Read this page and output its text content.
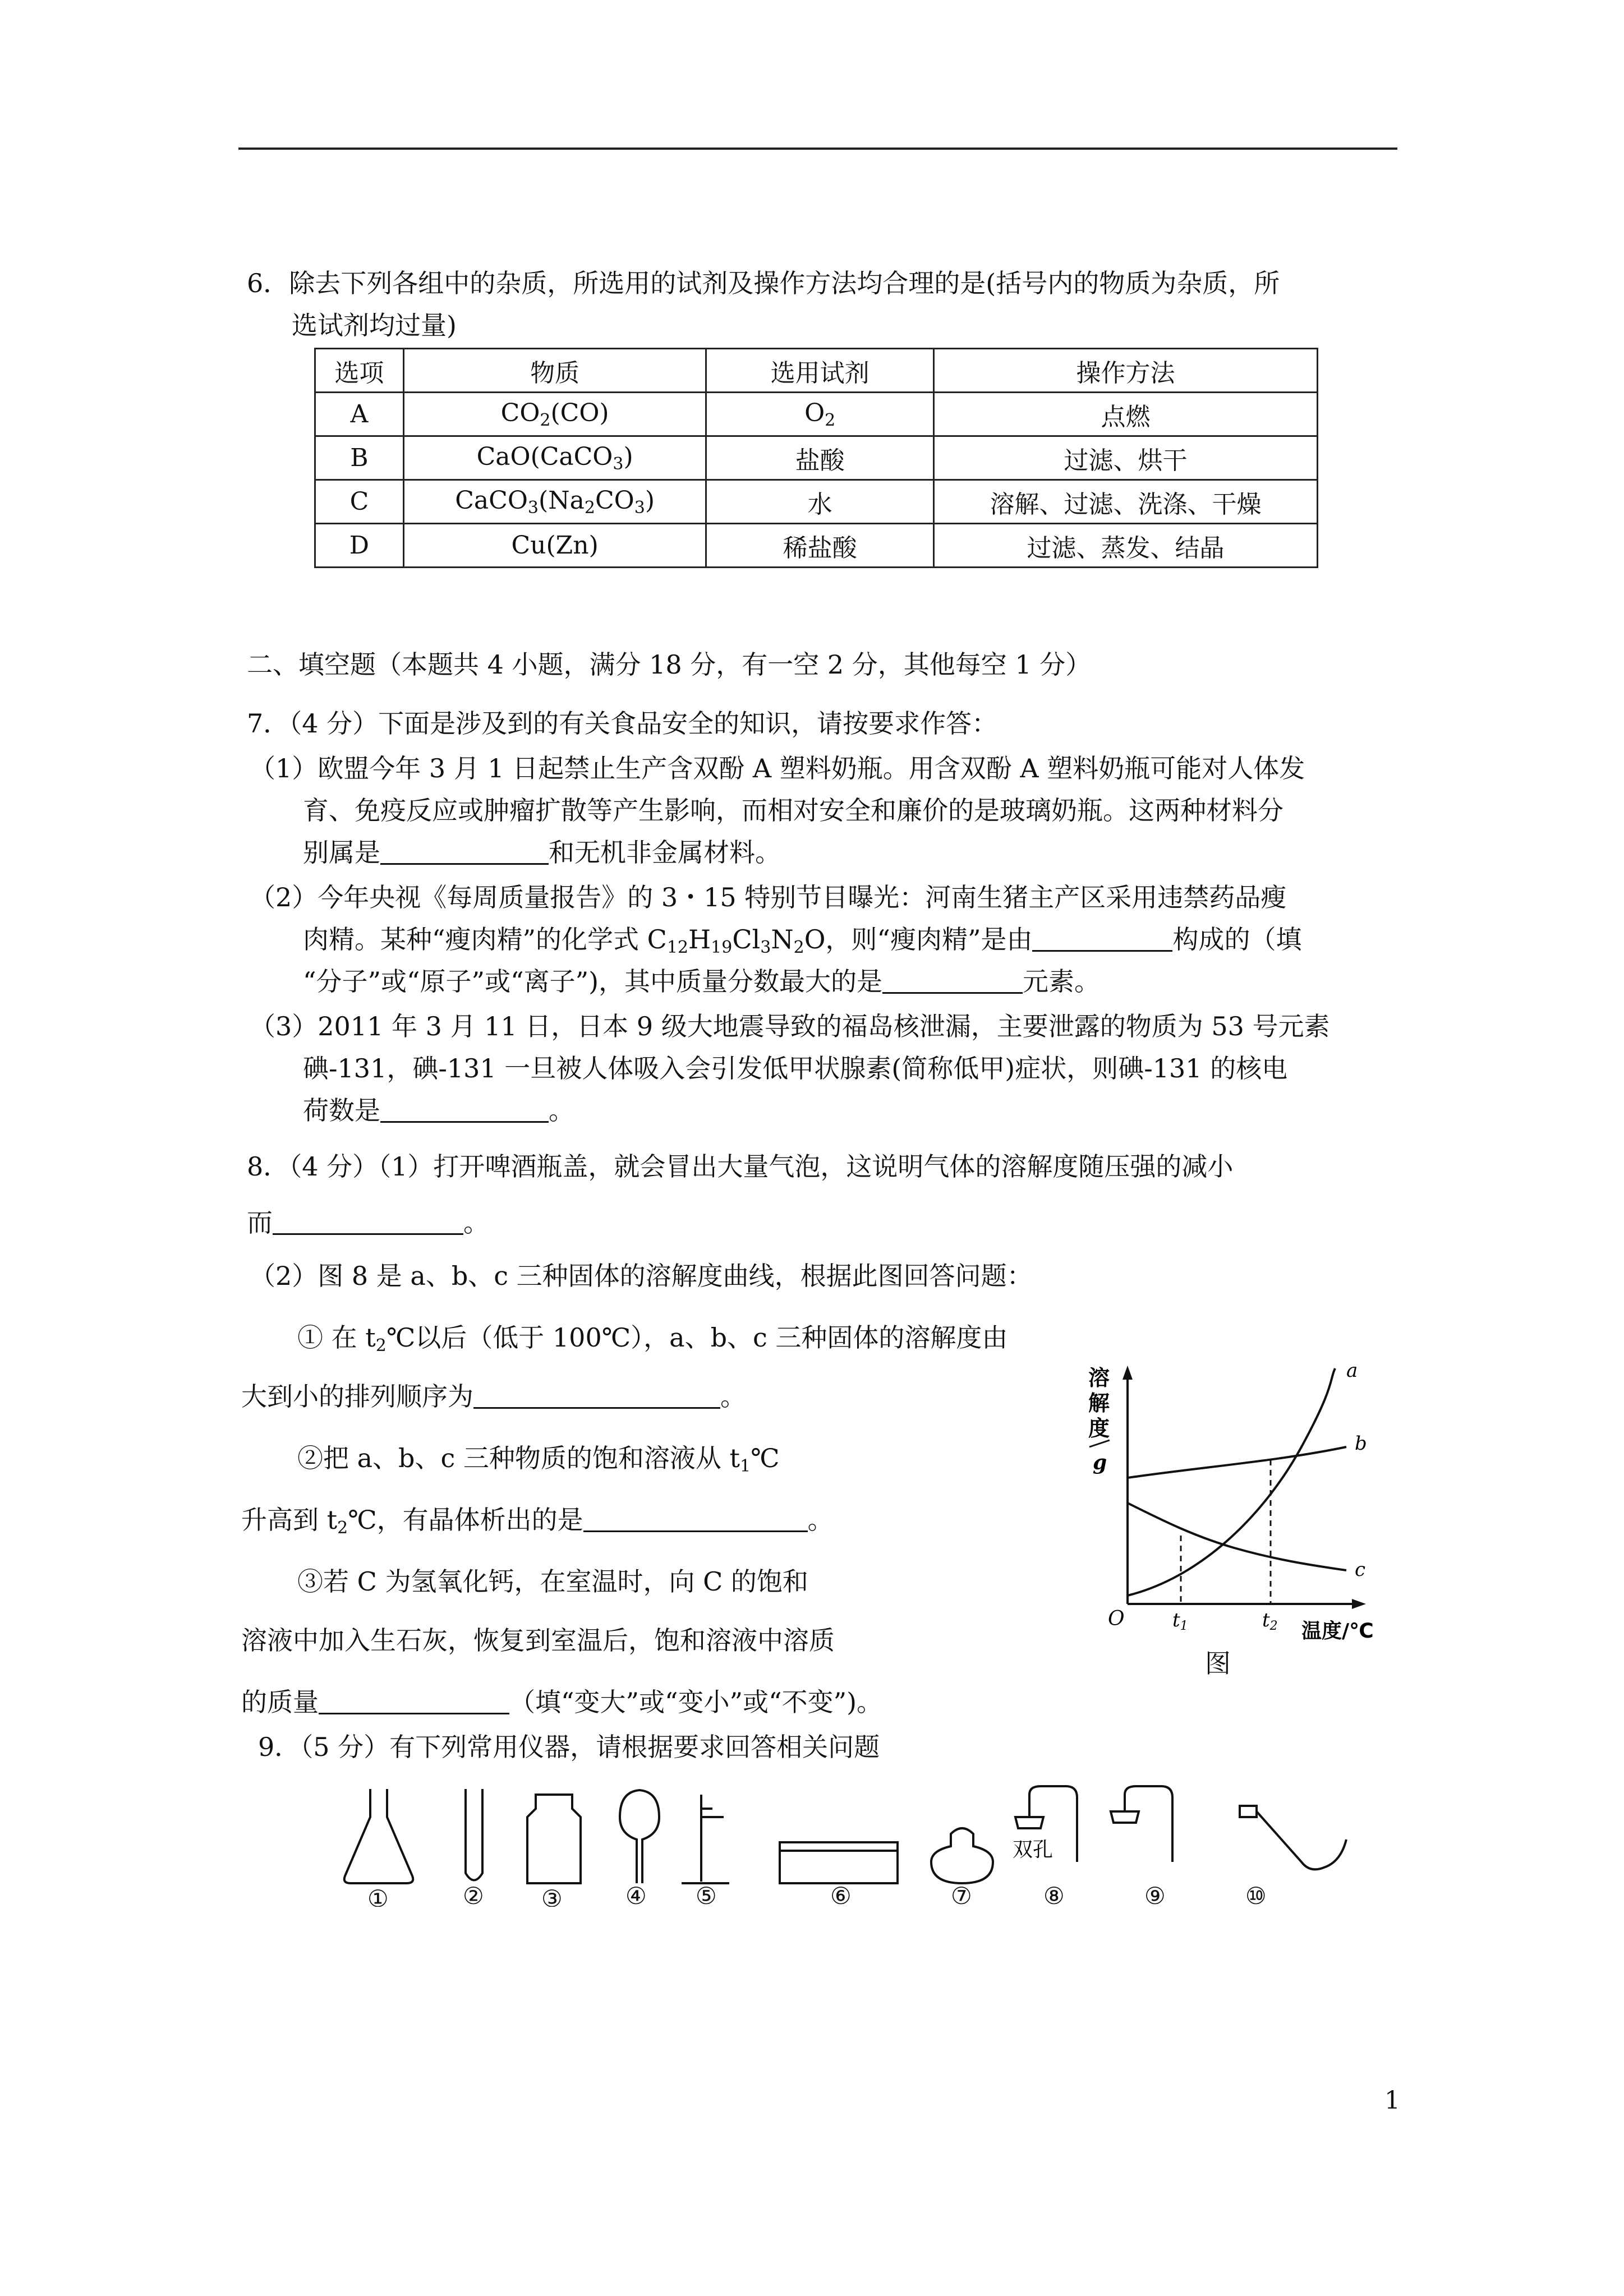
6．除去下列各组中的杂质，所选用的试剂及操作方法均合理的是(括号内的物质为杂质，所
选试剂均过量)
选项	物质	选用试剂	操作方法
A	$CO_2(CO)$	$O_2$	点燃
B	CaO(CaCO$_3$)	盐酸	过滤、烘干
C	$CaCO_3(Na_2CO_3)$	水	溶解、过滤、洗涤、干燥
D	Cu(Zn)	稀盐酸	过滤、蒸发、结晶
二、填空题（本题共 4 小题，满分 18 分，有一空 2 分，其他每空 1 分）
7．（4 分）下面是涉及到的有关食品安全的知识，请按要求作答：
（1）欧盟今年 3 月 1 日起禁止生产含双酚 A 塑料奶瓶。用含双酚 A 塑料奶瓶可能对人体发
育、免疫反应或肿瘤扩散等产生影响，而相对安全和廉价的是玻璃奶瓶。这两种材料分
别属是	和无机非金属材料。
（2）今年央视《每周质量报告》的 3・15 特别节目曝光：河南生猪主产区采用违禁药品瘦
肉精。某种“瘦肉精”的化学式 $C_{12}H_{19}Cl_3N_2O$，则“瘦肉精”是由	构成的（填
“分子”或“原子”或“离子”)，其中质量分数最大的是	元素。
（3）2011 年 3 月 11 日，日本 9 级大地震导致的福岛核泄漏，主要泄露的物质为 53 号元素
碘-131，碘-131 一旦被人体吸入会引发低甲状腺素(简称低甲)症状，则碘-131 的核电
荷数是	。
8．（4 分）（1）打开啤酒瓶盖，就会冒出大量气泡，这说明气体的溶解度随压强的减小
而	。
（2）图 8 是 a、b、c 三种固体的溶解度曲线，根据此图回答问题：
① 在 $t_2℃$以后（低于 100℃），a、b、c 三种固体的溶解度由
大到小的排列顺序为	。
②把 a、b、c 三种物质的饱和溶液从 $t_1℃$
升高到 $t_2℃$，有晶体析出的是	。
③若 C 为氢氧化钙，在室温时，向 C 的饱和
溶液中加入生石灰，恢复到室温后，饱和溶液中溶质
的质量	（填“变大”或“变小”或“不变”)。
溶
解
度
g
O
a
b
c
t1	t2 温度/℃
图
9．（5 分）有下列常用仪器，请根据要求回答相关问题
双孔
①	② ③	④ ⑤	⑥	⑦	⑧	⑨	⑩
1
